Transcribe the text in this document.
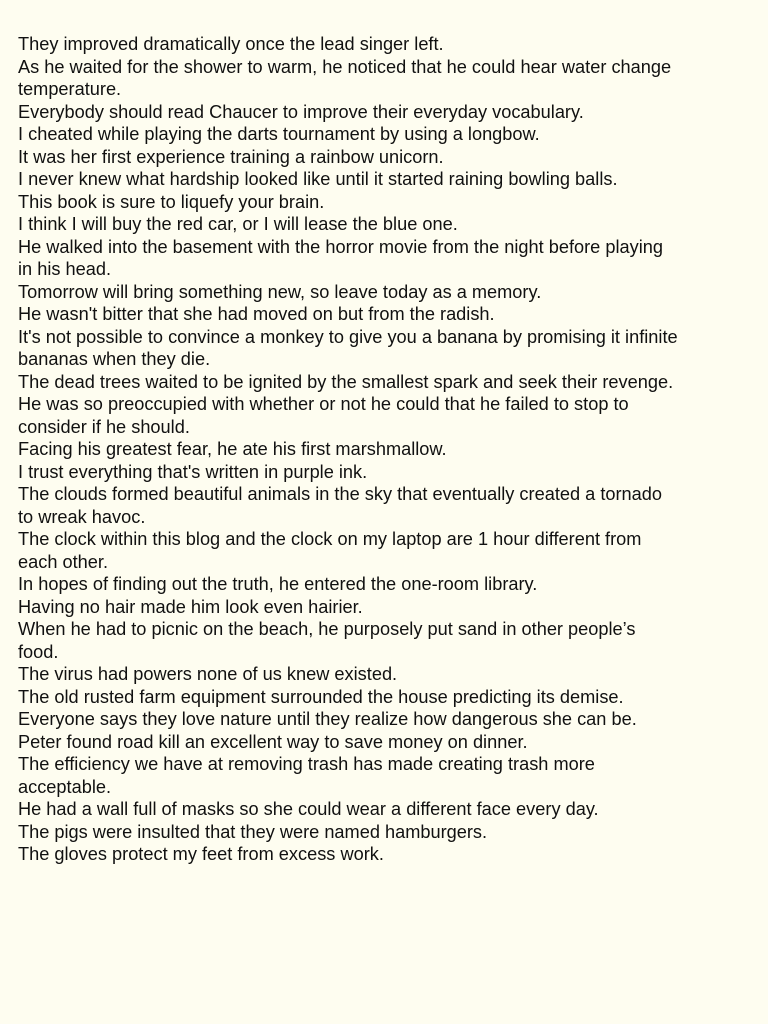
They improved dramatically once the lead singer left.
As he waited for the shower to warm, he noticed that he could hear water change
temperature.
Everybody should read Chaucer to improve their everyday vocabulary.
I cheated while playing the darts tournament by using a longbow.
It was her first experience training a rainbow unicorn.
I never knew what hardship looked like until it started raining bowling balls.
This book is sure to liquefy your brain.
I think I will buy the red car, or I will lease the blue one.
He walked into the basement with the horror movie from the night before playing
in his head.
Tomorrow will bring something new, so leave today as a memory.
He wasn't bitter that she had moved on but from the radish.
It's not possible to convince a monkey to give you a banana by promising it infinite
bananas when they die.
The dead trees waited to be ignited by the smallest spark and seek their revenge.
He was so preoccupied with whether or not he could that he failed to stop to
consider if he should.
Facing his greatest fear, he ate his first marshmallow.
I trust everything that's written in purple ink.
The clouds formed beautiful animals in the sky that eventually created a tornado
to wreak havoc.
The clock within this blog and the clock on my laptop are 1 hour different from
each other.
In hopes of finding out the truth, he entered the one-room library.
Having no hair made him look even hairier.
When he had to picnic on the beach, he purposely put sand in other people’s
food.
The virus had powers none of us knew existed.
The old rusted farm equipment surrounded the house predicting its demise.
Everyone says they love nature until they realize how dangerous she can be.
Peter found road kill an excellent way to save money on dinner.
The efficiency we have at removing trash has made creating trash more
acceptable.
He had a wall full of masks so she could wear a different face every day.
The pigs were insulted that they were named hamburgers.
The gloves protect my feet from excess work.
